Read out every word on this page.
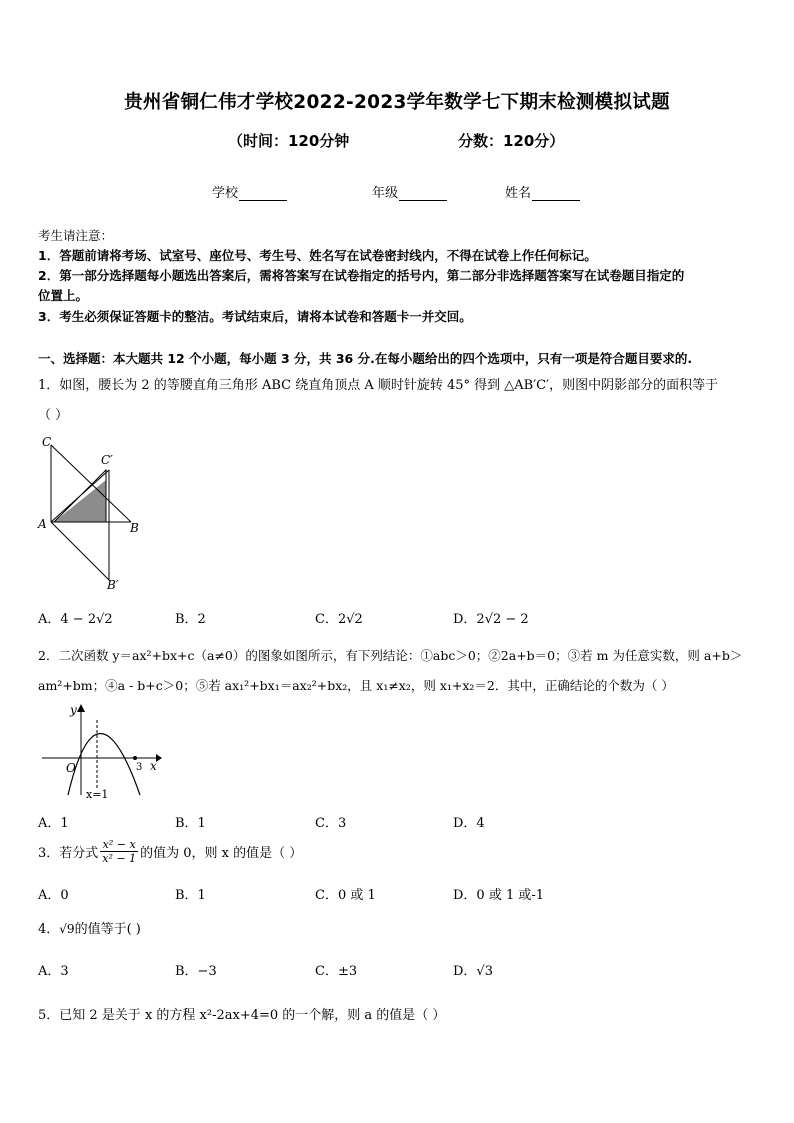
贵州省铜仁伟才学校2022-2023学年数学七下期末检测模拟试题
（时间：120分钟	分数：120分）
学校	年级	姓名
考生请注意：
1．答题前请将考场、试室号、座位号、考生号、姓名写在试卷密封线内，不得在试卷上作任何标记。
2．第一部分选择题每小题选出答案后，需将答案写在试卷指定的括号内，第二部分非选择题答案写在试卷题目指定的
位置上。
3．考生必须保证答题卡的整洁。考试结束后，请将本试卷和答题卡一并交回。
一、选择题：本大题共 12 个小题，每小题 3 分，共 36 分.在每小题给出的四个选项中，只有一项是符合题目要求的.
1．如图，腰长为 2 的等腰直角三角形 ABC 绕直角顶点 A 顺时针旋转 45° 得到 △AB′C′，则图中阴影部分的面积等于
（ ）
C
C′
A	B
B′
A．4 − 2√2	B．2	C．2√2	D．2√2 − 2
2．二次函数 y＝ax²+bx+c（a≠0）的图象如图所示，有下列结论：①abc＞0；②2a+b＝0；③若 m 为任意实数，则 a+b＞
am²+bm；④a - b+c＞0；⑤若 ax₁²+bx₁＝ax₂²+bx₂，且 x₁≠x₂，则 x₁+x₂＝2．其中，正确结论的个数为（ ）
y
x
O	3
x=1
A．1	B．1	C．3	D．4
3．若分式 $\frac{\text{x² − x}}{\text{x² − 1}}$ 的值为 0，则 x 的值是（ ）
A．0	B．1	C．0 或 1	D．0 或 1 或-1
4．√9的值等于( )
A．3	B．−3	C．±3	D．√3
5．已知 2 是关于 x 的方程 x²-2ax+4=0 的一个解，则 a 的值是（ ）
